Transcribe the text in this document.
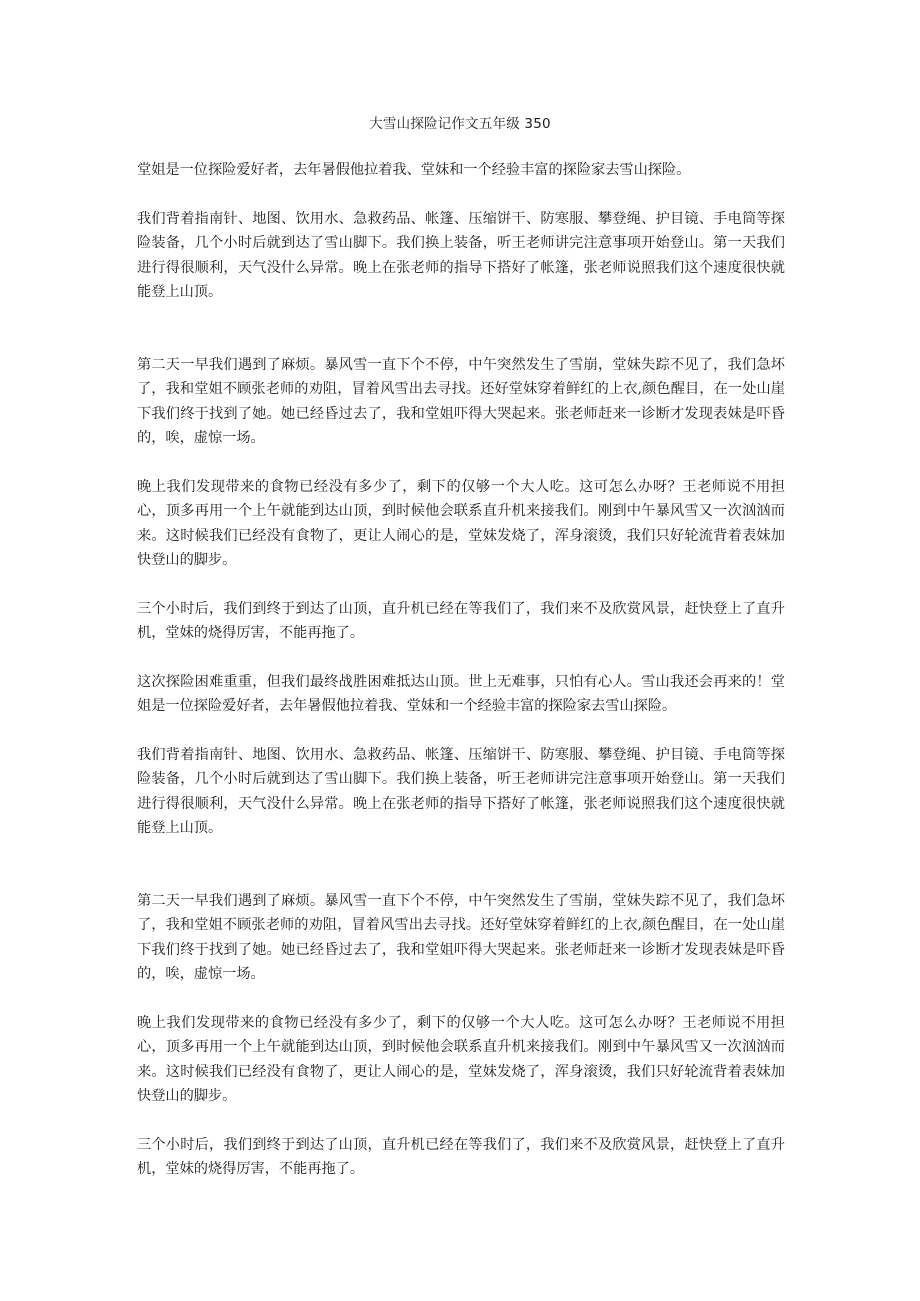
大雪山探险记作文五年级 350

堂姐是一位探险爱好者，去年暑假他拉着我、堂妹和一个经验丰富的探险家去雪山探险。

我们背着指南针、地图、饮用水、急救药品、帐篷、压缩饼干、防寒服、攀登绳、护目镜、手电筒等探险装备，几个小时后就到达了雪山脚下。我们换上装备，听王老师讲完注意事项开始登山。第一天我们进行得很顺利，天气没什么异常。晚上在张老师的指导下搭好了帐篷，张老师说照我们这个速度很快就能登上山顶。

第二天一早我们遇到了麻烦。暴风雪一直下个不停，中午突然发生了雪崩，堂妹失踪不见了，我们急坏了，我和堂姐不顾张老师的劝阻，冒着风雪出去寻找。还好堂妹穿着鲜红的上衣,颜色醒目，在一处山崖下我们终于找到了她。她已经昏过去了，我和堂姐吓得大哭起来。张老师赶来一诊断才发现表妹是吓昏的，唉，虚惊一场。

晚上我们发现带来的食物已经没有多少了，剩下的仅够一个大人吃。这可怎么办呀？王老师说不用担心，顶多再用一个上午就能到达山顶，到时候他会联系直升机来接我们。刚到中午暴风雪又一次汹汹而来。这时候我们已经没有食物了，更让人闹心的是，堂妹发烧了，浑身滚烫，我们只好轮流背着表妹加快登山的脚步。

三个小时后，我们到终于到达了山顶，直升机已经在等我们了，我们来不及欣赏风景，赶快登上了直升机，堂妹的烧得厉害，不能再拖了。

这次探险困难重重，但我们最终战胜困难抵达山顶。世上无难事，只怕有心人。雪山我还会再来的！堂姐是一位探险爱好者，去年暑假他拉着我、堂妹和一个经验丰富的探险家去雪山探险。

我们背着指南针、地图、饮用水、急救药品、帐篷、压缩饼干、防寒服、攀登绳、护目镜、手电筒等探险装备，几个小时后就到达了雪山脚下。我们换上装备，听王老师讲完注意事项开始登山。第一天我们进行得很顺利，天气没什么异常。晚上在张老师的指导下搭好了帐篷，张老师说照我们这个速度很快就能登上山顶。

第二天一早我们遇到了麻烦。暴风雪一直下个不停，中午突然发生了雪崩，堂妹失踪不见了，我们急坏了，我和堂姐不顾张老师的劝阻，冒着风雪出去寻找。还好堂妹穿着鲜红的上衣,颜色醒目，在一处山崖下我们终于找到了她。她已经昏过去了，我和堂姐吓得大哭起来。张老师赶来一诊断才发现表妹是吓昏的，唉，虚惊一场。

晚上我们发现带来的食物已经没有多少了，剩下的仅够一个大人吃。这可怎么办呀？王老师说不用担心，顶多再用一个上午就能到达山顶，到时候他会联系直升机来接我们。刚到中午暴风雪又一次汹汹而来。这时候我们已经没有食物了，更让人闹心的是，堂妹发烧了，浑身滚烫，我们只好轮流背着表妹加快登山的脚步。

三个小时后，我们到终于到达了山顶，直升机已经在等我们了，我们来不及欣赏风景，赶快登上了直升机，堂妹的烧得厉害，不能再拖了。
